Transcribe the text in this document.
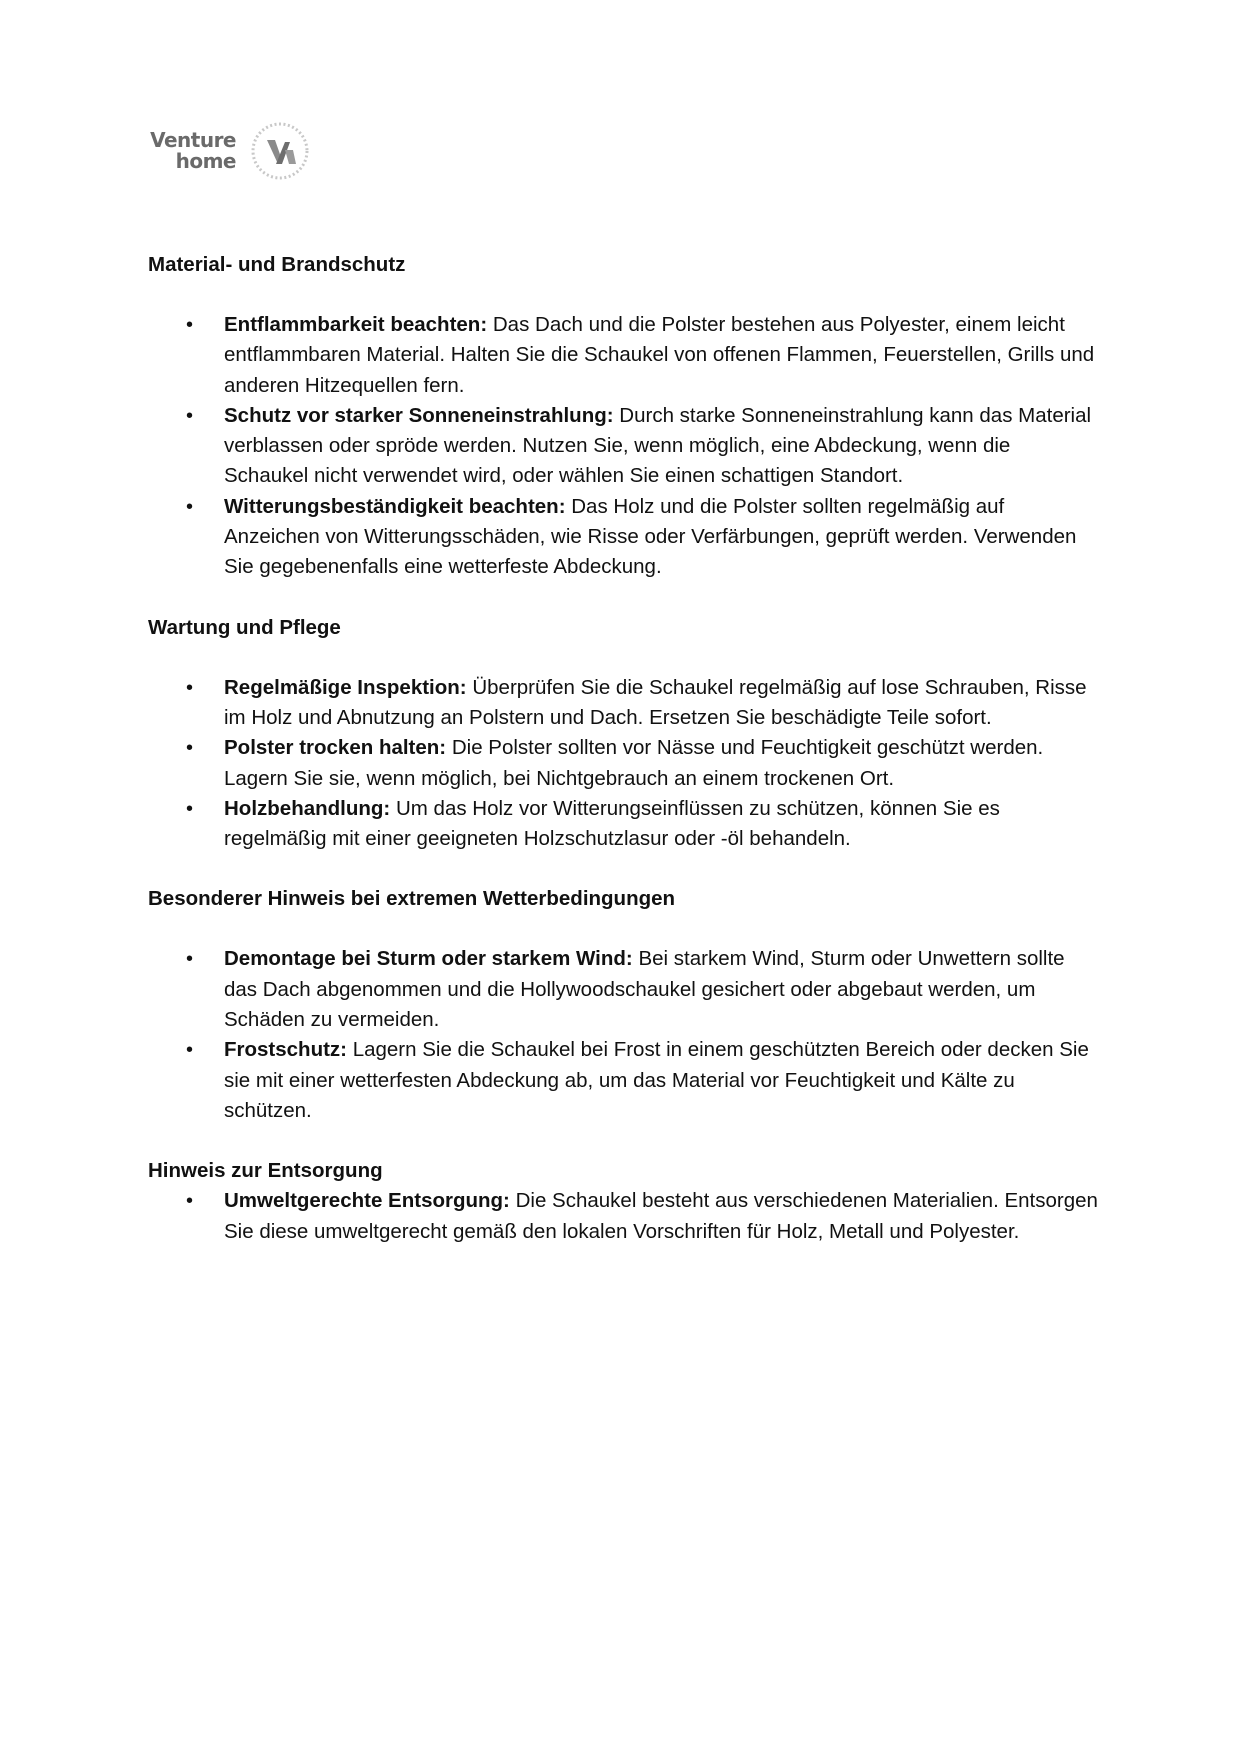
Venture
home
Material- und Brandschutz
• Entflammbarkeit beachten: Das Dach und die Polster bestehen aus Polyester, einem leicht entflammbaren Material. Halten Sie die Schaukel von offenen Flammen, Feuerstellen, Grills und anderen Hitzequellen fern.
• Schutz vor starker Sonneneinstrahlung: Durch starke Sonneneinstrahlung kann das Material verblassen oder spröde werden. Nutzen Sie, wenn möglich, eine Abdeckung, wenn die Schaukel nicht verwendet wird, oder wählen Sie einen schattigen Standort.
• Witterungsbeständigkeit beachten: Das Holz und die Polster sollten regelmäßig auf Anzeichen von Witterungsschäden, wie Risse oder Verfärbungen, geprüft werden. Verwenden Sie gegebenenfalls eine wetterfeste Abdeckung.
Wartung und Pflege
• Regelmäßige Inspektion: Überprüfen Sie die Schaukel regelmäßig auf lose Schrauben, Risse im Holz und Abnutzung an Polstern und Dach. Ersetzen Sie beschädigte Teile sofort.
• Polster trocken halten: Die Polster sollten vor Nässe und Feuchtigkeit geschützt werden. Lagern Sie sie, wenn möglich, bei Nichtgebrauch an einem trockenen Ort.
• Holzbehandlung: Um das Holz vor Witterungseinflüssen zu schützen, können Sie es regelmäßig mit einer geeigneten Holzschutzlasur oder -öl behandeln.
Besonderer Hinweis bei extremen Wetterbedingungen
• Demontage bei Sturm oder starkem Wind: Bei starkem Wind, Sturm oder Unwettern sollte das Dach abgenommen und die Hollywoodschaukel gesichert oder abgebaut werden, um Schäden zu vermeiden.
• Frostschutz: Lagern Sie die Schaukel bei Frost in einem geschützten Bereich oder decken Sie sie mit einer wetterfesten Abdeckung ab, um das Material vor Feuchtigkeit und Kälte zu schützen.
Hinweis zur Entsorgung
• Umweltgerechte Entsorgung: Die Schaukel besteht aus verschiedenen Materialien. Entsorgen Sie diese umweltgerecht gemäß den lokalen Vorschriften für Holz, Metall und Polyester.
